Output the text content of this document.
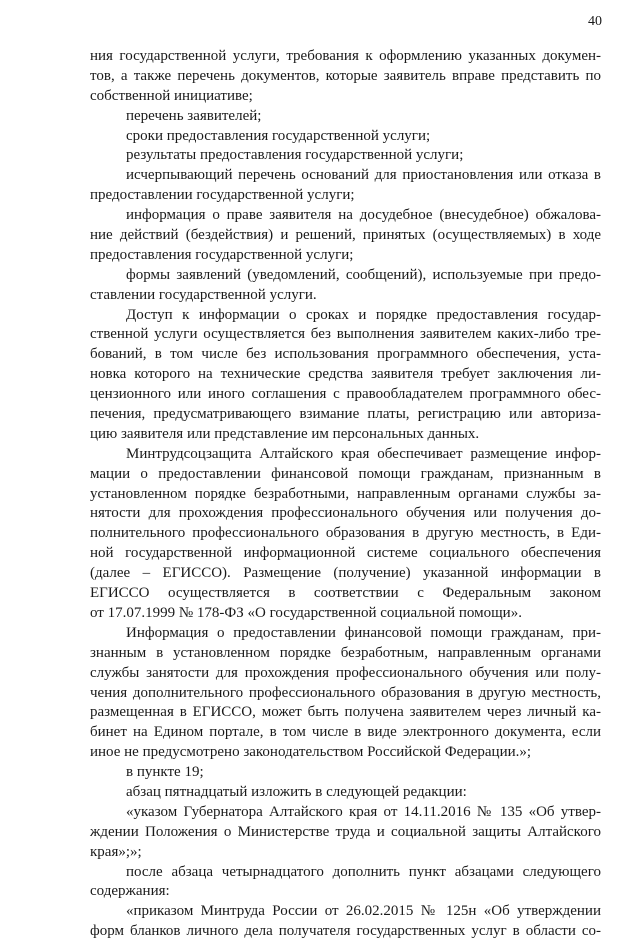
40
ния государственной услуги, требования к оформлению указанных докумен-
тов, а также перечень документов, которые заявитель вправе представить по
собственной инициативе;
перечень заявителей;
сроки предоставления государственной услуги;
результаты предоставления государственной услуги;
исчерпывающий перечень оснований для приостановления или отказа в
предоставлении государственной услуги;
информация о праве заявителя на досудебное (внесудебное) обжалова-
ние действий (бездействия) и решений, принятых (осуществляемых) в ходе
предоставления государственной услуги;
формы заявлений (уведомлений, сообщений), используемые при предо-
ставлении государственной услуги.
Доступ к информации о сроках и порядке предоставления государ-
ственной услуги осуществляется без выполнения заявителем каких-либо тре-
бований, в том числе без использования программного обеспечения, уста-
новка которого на технические средства заявителя требует заключения ли-
цензионного или иного соглашения с правообладателем программного обес-
печения, предусматривающего взимание платы, регистрацию или авториза-
цию заявителя или представление им персональных данных.
Минтрудсоцзащита Алтайского края обеспечивает размещение инфор-
мации о предоставлении финансовой помощи гражданам, признанным в
установленном порядке безработными, направленным органами службы за-
нятости для прохождения профессионального обучения или получения до-
полнительного профессионального образования в другую местность, в Еди-
ной государственной информационной системе социального обеспечения
(далее – ЕГИССО). Размещение (получение) указанной информации в
ЕГИССО осуществляется в соответствии с Федеральным законом
от 17.07.1999 № 178-ФЗ «О государственной социальной помощи».
Информация о предоставлении финансовой помощи гражданам, при-
знанным в установленном порядке безработным, направленным органами
службы занятости для прохождения профессионального обучения или полу-
чения дополнительного профессионального образования в другую местность,
размещенная в ЕГИССО, может быть получена заявителем через личный ка-
бинет на Едином портале, в том числе в виде электронного документа, если
иное не предусмотрено законодательством Российской Федерации.»;
в пункте 19;
абзац пятнадцатый изложить в следующей редакции:
«указом Губернатора Алтайского края от 14.11.2016 № 135 «Об утвер-
ждении Положения о Министерстве труда и социальной защиты Алтайского
края»;»;
после абзаца четырнадцатого дополнить пункт абзацами следующего
содержания:
«приказом Минтруда России от 26.02.2015 № 125н «Об утверждении
форм бланков личного дела получателя государственных услуг в области со-
